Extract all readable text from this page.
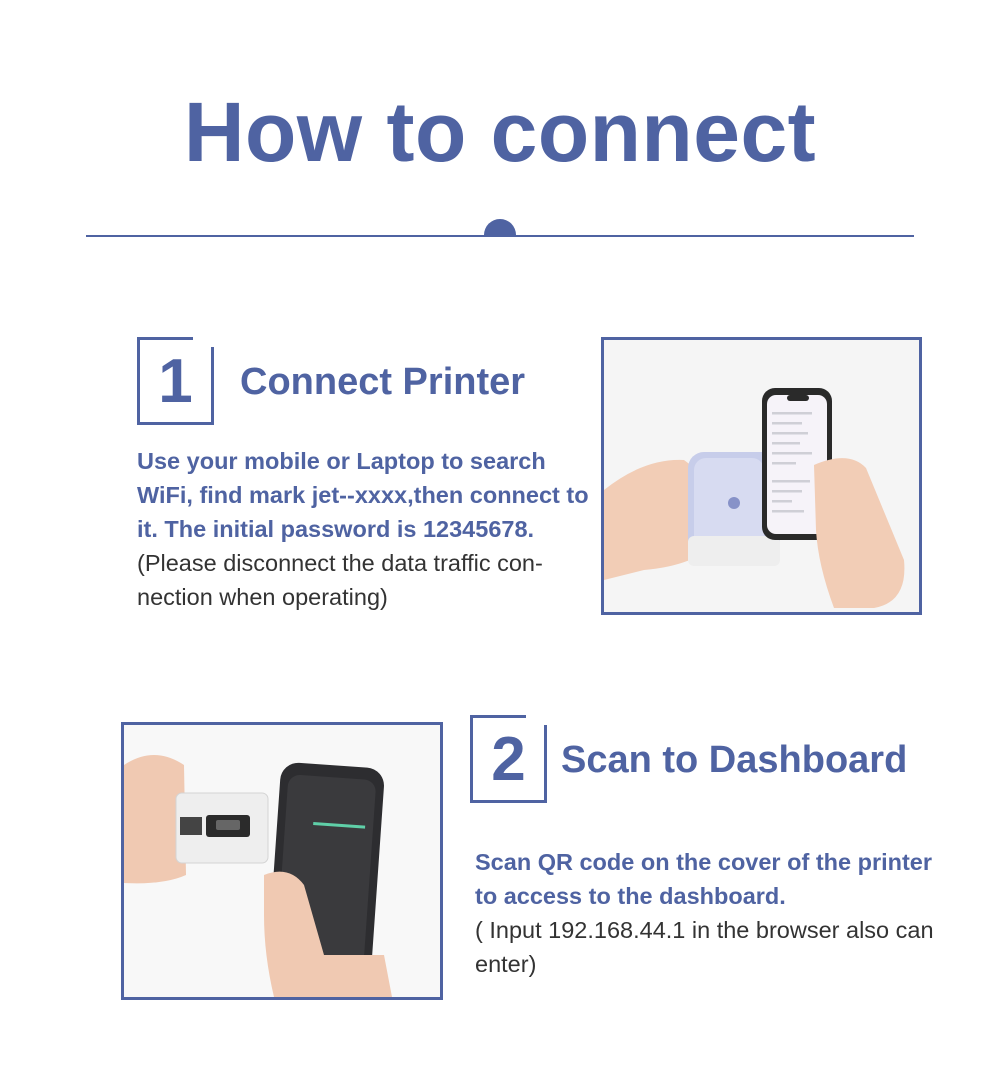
How to connect
1	Connect Printer
Use your mobile or Laptop to search WiFi, find mark jet--xxxx,then connect to it. The initial password is 12345678.
(Please disconnect the data traffic con-nection when operating)
2 Scan to Dashboard
Scan QR code on the cover of the printer to access to the dashboard.
( Input 192.168.44.1 in the browser also can enter)
